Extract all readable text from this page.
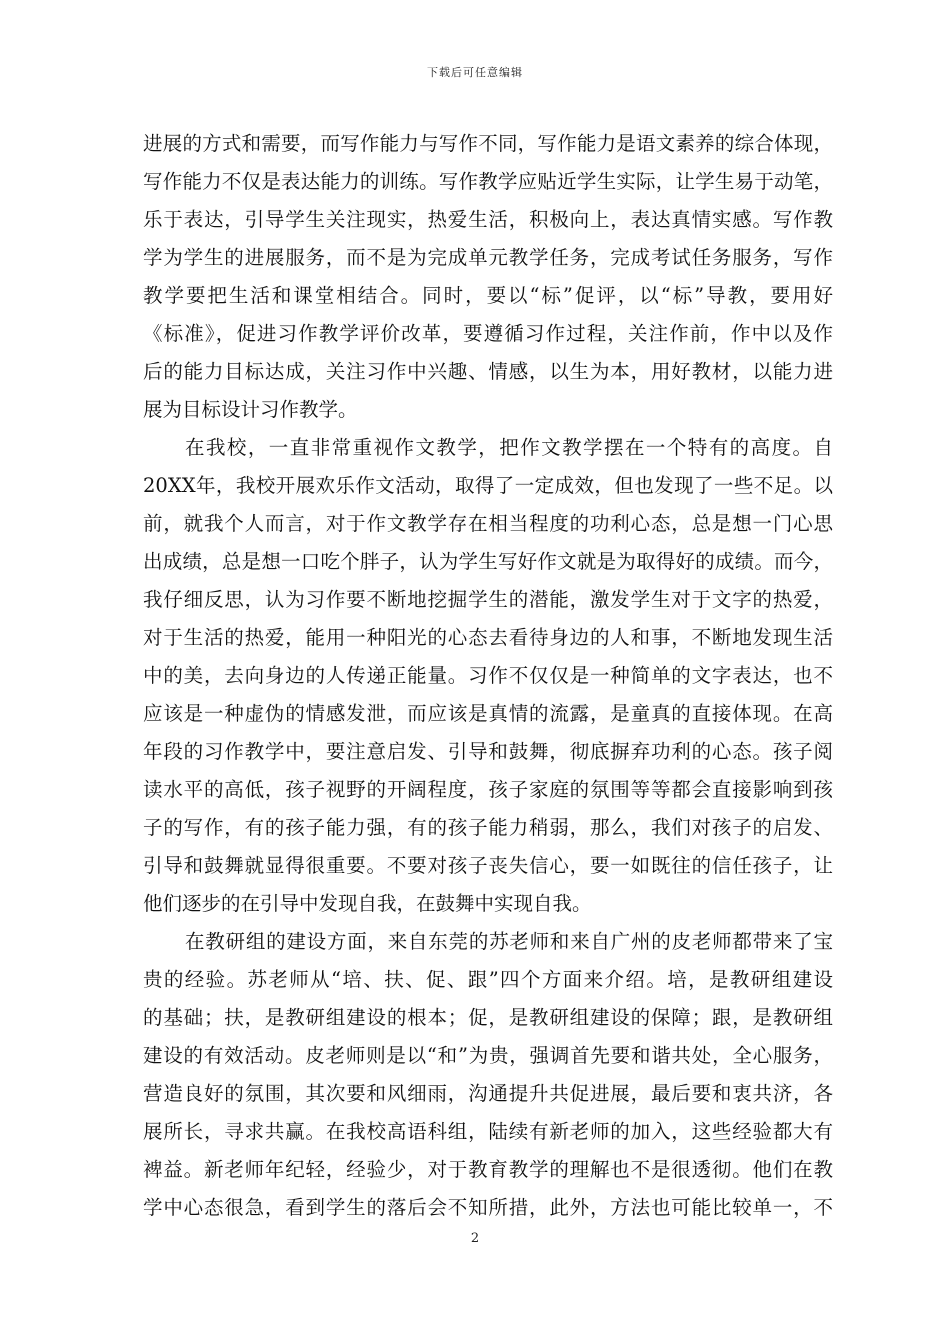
下载后可任意编辑
进展的方式和需要，而写作能力与写作不同，写作能力是语文素养的综合体现，
写作能力不仅是表达能力的训练。写作教学应贴近学生实际，让学生易于动笔，
乐于表达，引导学生关注现实，热爱生活，积极向上，表达真情实感。写作教
学为学生的进展服务，而不是为完成单元教学任务，完成考试任务服务，写作
教学要把生活和课堂相结合。同时，要以“标”促评，以“标”导教，要用好
《标准》，促进习作教学评价改革，要遵循习作过程，关注作前，作中以及作
后的能力目标达成，关注习作中兴趣、情感，以生为本，用好教材，以能力进
展为目标设计习作教学。
在我校，一直非常重视作文教学，把作文教学摆在一个特有的高度。自
20XX年，我校开展欢乐作文活动，取得了一定成效，但也发现了一些不足。以
前，就我个人而言，对于作文教学存在相当程度的功利心态，总是想一门心思
出成绩，总是想一口吃个胖子，认为学生写好作文就是为取得好的成绩。而今，
我仔细反思，认为习作要不断地挖掘学生的潜能，激发学生对于文字的热爱，
对于生活的热爱，能用一种阳光的心态去看待身边的人和事，不断地发现生活
中的美，去向身边的人传递正能量。习作不仅仅是一种简单的文字表达，也不
应该是一种虚伪的情感发泄，而应该是真情的流露，是童真的直接体现。在高
年段的习作教学中，要注意启发、引导和鼓舞，彻底摒弃功利的心态。孩子阅
读水平的高低，孩子视野的开阔程度，孩子家庭的氛围等等都会直接影响到孩
子的写作，有的孩子能力强，有的孩子能力稍弱，那么，我们对孩子的启发、
引导和鼓舞就显得很重要。不要对孩子丧失信心，要一如既往的信任孩子，让
他们逐步的在引导中发现自我，在鼓舞中实现自我。
在教研组的建设方面，来自东莞的苏老师和来自广州的皮老师都带来了宝
贵的经验。苏老师从“培、扶、促、跟”四个方面来介绍。培，是教研组建设
的基础；扶，是教研组建设的根本；促，是教研组建设的保障；跟，是教研组
建设的有效活动。皮老师则是以“和”为贵，强调首先要和谐共处，全心服务，
营造良好的氛围，其次要和风细雨，沟通提升共促进展，最后要和衷共济，各
展所长，寻求共赢。在我校高语科组，陆续有新老师的加入，这些经验都大有
裨益。新老师年纪轻，经验少，对于教育教学的理解也不是很透彻。他们在教
学中心态很急，看到学生的落后会不知所措，此外，方法也可能比较单一，不
2
